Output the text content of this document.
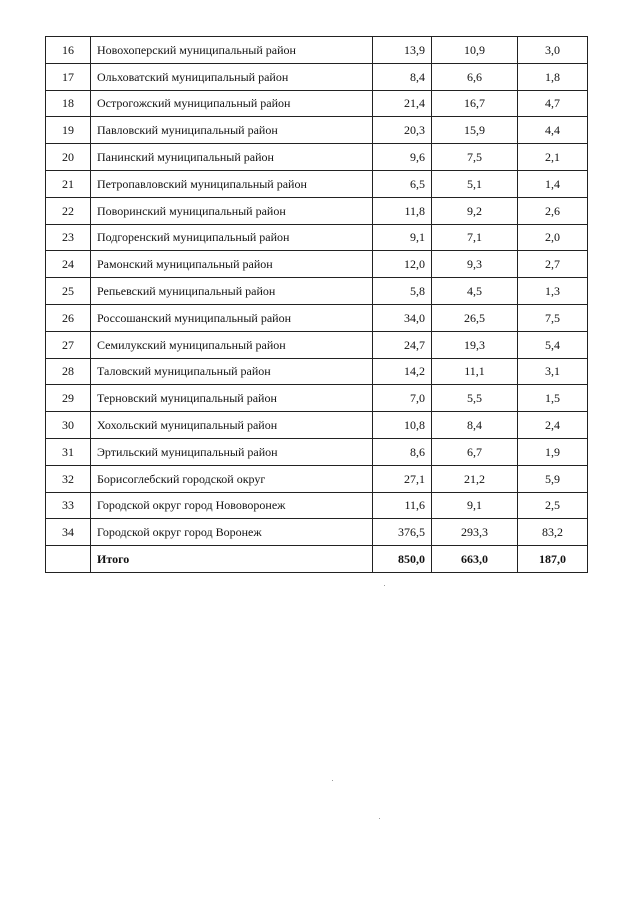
16	Новохоперский муниципальный район	13,9	10,9	3,0
17	Ольховатский муниципальный район	8,4	6,6	1,8
18	Острогожский муниципальный район	21,4	16,7	4,7
19	Павловский муниципальный район	20,3	15,9	4,4
20	Панинский муниципальный район	9,6	7,5	2,1
21	Петропавловский муниципальный район	6,5	5,1	1,4
22	Поворинский муниципальный район	11,8	9,2	2,6
23	Подгоренский муниципальный район	9,1	7,1	2,0
24	Рамонский муниципальный район	12,0	9,3	2,7
25	Репьевский муниципальный район	5,8	4,5	1,3
26	Россошанский муниципальный район	34,0	26,5	7,5
27	Семилукский муниципальный район	24,7	19,3	5,4
28	Таловский муниципальный район	14,2	11,1	3,1
29	Терновский муниципальный район	7,0	5,5	1,5
30	Хохольский муниципальный район	10,8	8,4	2,4
31	Эртильский муниципальный район	8,6	6,7	1,9
32	Борисоглебский городской округ	27,1	21,2	5,9
33	Городской округ город Нововоронеж	11,6	9,1	2,5
34	Городской округ город Воронеж	376,5	293,3	83,2
	Итого	850,0	663,0	187,0
